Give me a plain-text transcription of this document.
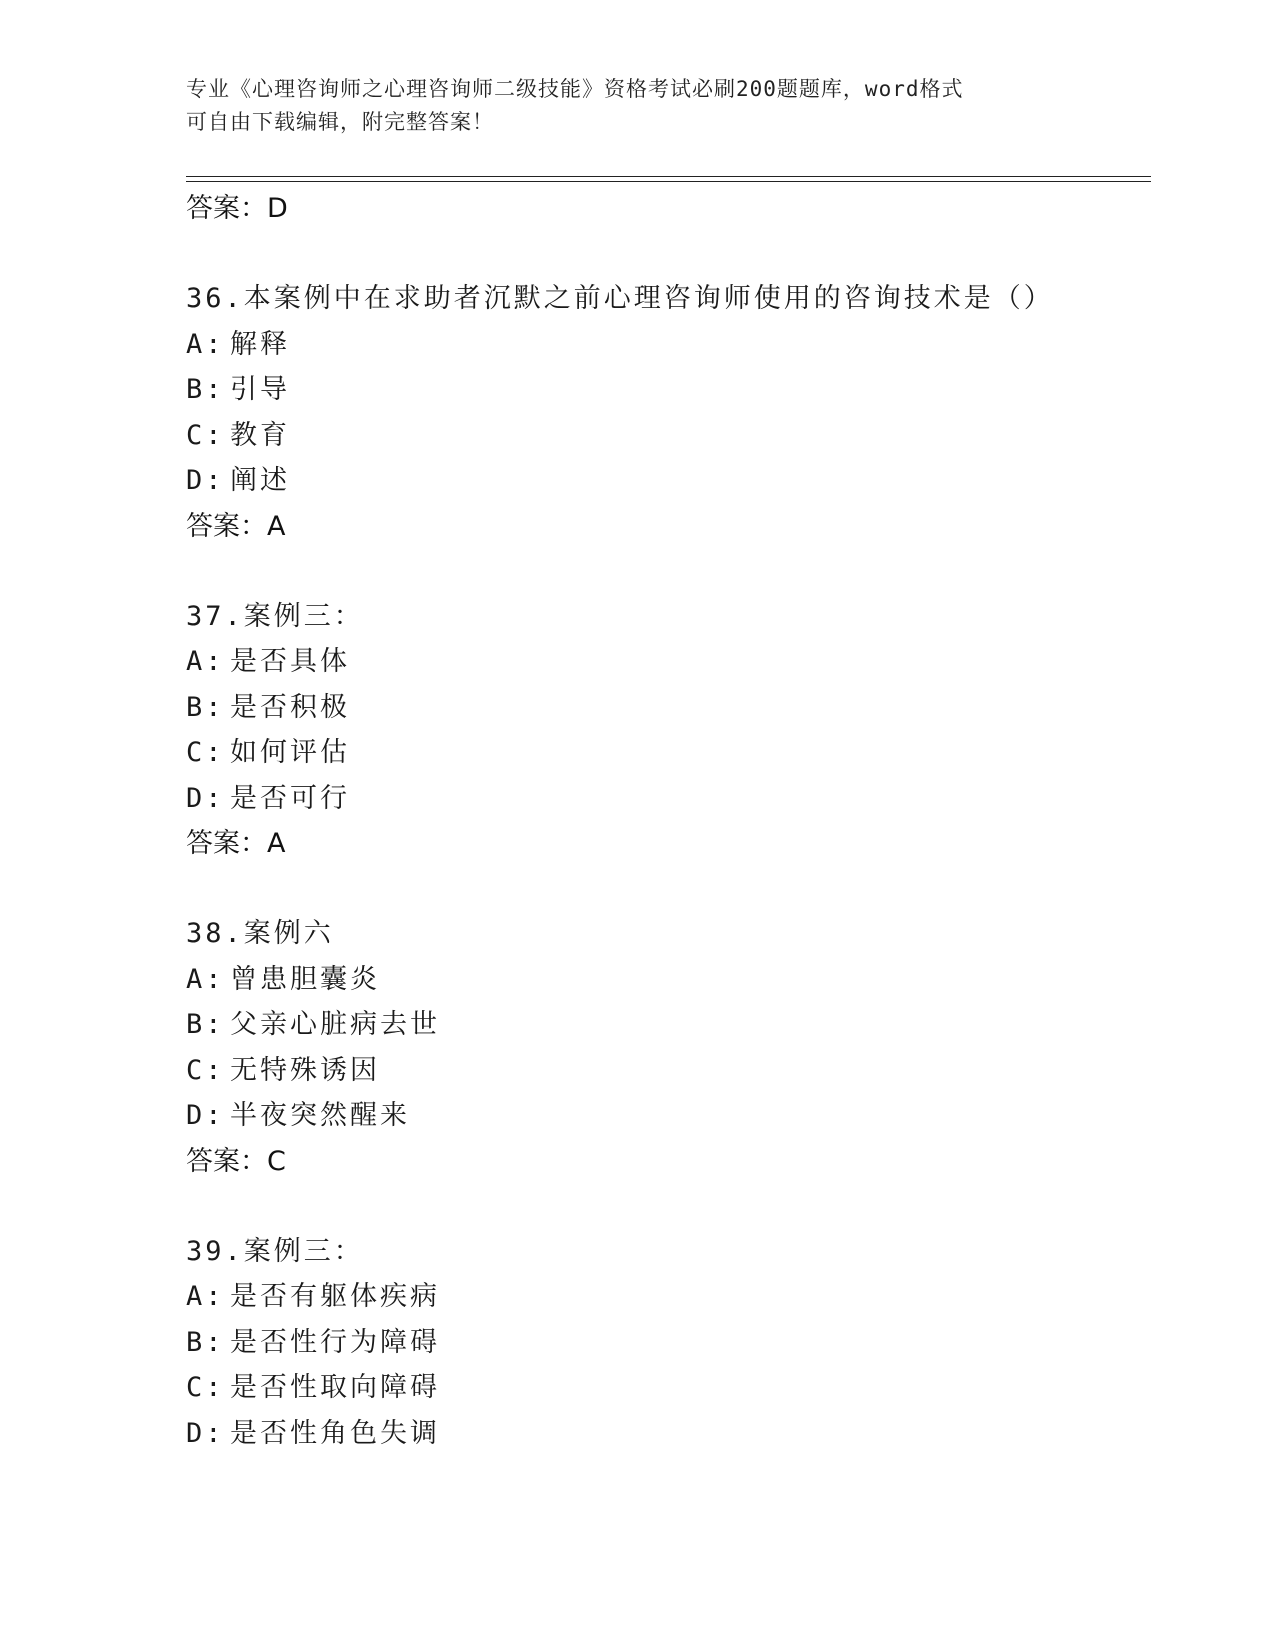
专业《心理咨询师之心理咨询师二级技能》资格考试必刷200题题库，word格式
可自由下载编辑，附完整答案！
答案：D
36.本案例中在求助者沉默之前心理咨询师使用的咨询技术是（）
A: 解释
B: 引导
C: 教育
D: 阐述
答案：A
37.案例三：
A: 是否具体
B: 是否积极
C: 如何评估
D: 是否可行
答案：A
38.案例六
A: 曾患胆囊炎
B: 父亲心脏病去世
C: 无特殊诱因
D: 半夜突然醒来
答案：C
39.案例三：
A: 是否有躯体疾病
B: 是否性行为障碍
C: 是否性取向障碍
D: 是否性角色失调
